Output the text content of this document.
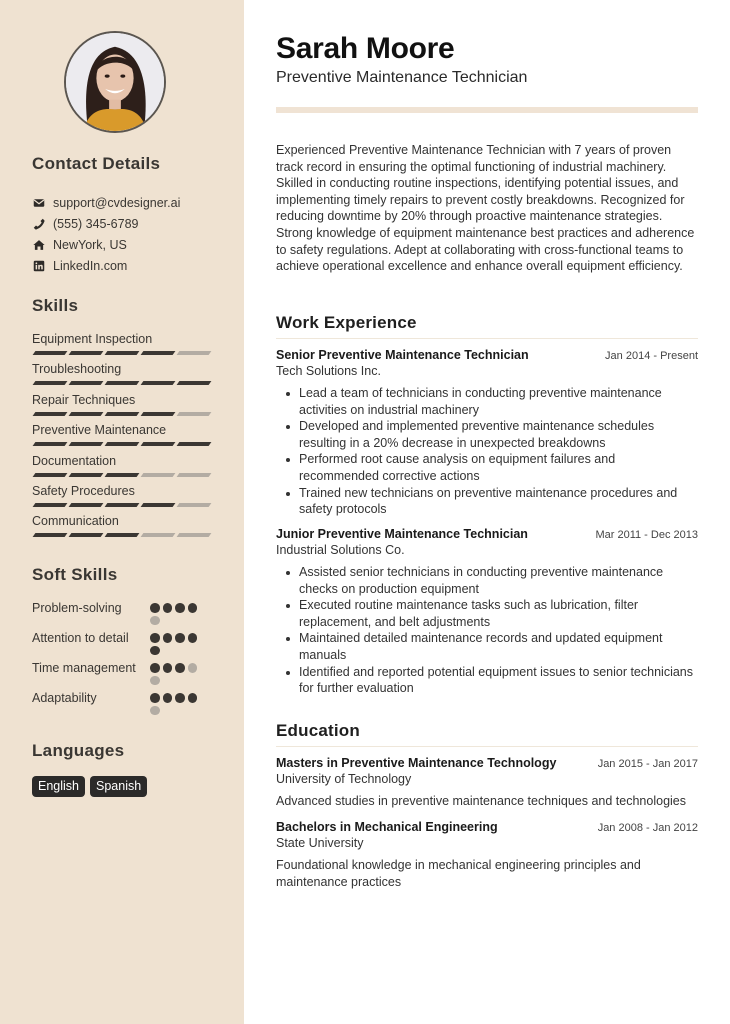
Contact Details
support@cvdesigner.ai
(555) 345-6789
NewYork, US
LinkedIn.com
Skills
Equipment Inspection
Troubleshooting
Repair Techniques
Preventive Maintenance
Documentation
Safety Procedures
Communication
Soft Skills
Problem-solving
Attention to detail
Time management
Adaptability
Languages
English	Spanish
Sarah Moore
Preventive Maintenance Technician

Experienced Preventive Maintenance Technician with 7 years of proven track record in ensuring the optimal functioning of industrial machinery. Skilled in conducting routine inspections, identifying potential issues, and implementing timely repairs to prevent costly breakdowns. Recognized for reducing downtime by 20% through proactive maintenance strategies. Strong knowledge of equipment maintenance best practices and adherence to safety regulations. Adept at collaborating with cross-functional teams to achieve operational excellence and enhance overall equipment efficiency.

Work Experience
Senior Preventive Maintenance Technician	Jan 2014 - Present
Tech Solutions Inc.
Lead a team of technicians in conducting preventive maintenance activities on industrial machinery
Developed and implemented preventive maintenance schedules resulting in a 20% decrease in unexpected breakdowns
Performed root cause analysis on equipment failures and recommended corrective actions
Trained new technicians on preventive maintenance procedures and safety protocols
Junior Preventive Maintenance Technician	Mar 2011 - Dec 2013
Industrial Solutions Co.
Assisted senior technicians in conducting preventive maintenance checks on production equipment
Executed routine maintenance tasks such as lubrication, filter replacement, and belt adjustments
Maintained detailed maintenance records and updated equipment manuals
Identified and reported potential equipment issues to senior technicians for further evaluation
Education
Masters in Preventive Maintenance Technology	Jan 2015 - Jan 2017
University of Technology
Advanced studies in preventive maintenance techniques and technologies
Bachelors in Mechanical Engineering	Jan 2008 - Jan 2012
State University
Foundational knowledge in mechanical engineering principles and maintenance practices
